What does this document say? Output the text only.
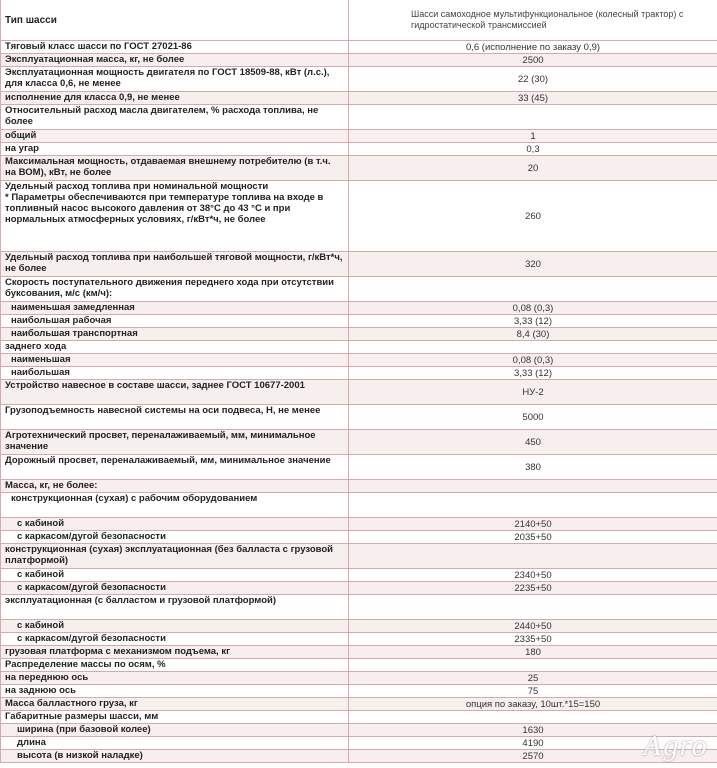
Тип шасси	Шасси самоходное мультифункциональное (колесный трактор) с гидростатической трансмиссией
Тяговый класс шасси по ГОСТ 27021-86	0,6 (исполнение по заказу 0,9)
Эксплуатационная масса, кг, не более	2500
Эксплуатационная мощность двигателя по ГОСТ 18509-88, кВт (л.с.), для класса 0,6, не менее	22 (30)
исполнение для класса 0,9, не менее	33 (45)
Относительный расход масла двигателем, % расхода топлива, не более	
общий	1
на угар	0,3
Максимальная мощность, отдаваемая внешнему потребителю (в т.ч. на ВОМ), кВт, не более	20
Удельный расход топлива при номинальной мощности
* Параметры обеспечиваются при температуре топлива на входе в топливный насос высокого давления от 38°С до 43 °С и при нормальных атмосферных условиях, г/кВт*ч, не более	260
Удельный расход топлива при наибольшей тяговой мощности, г/кВт*ч, не более	320
Скорость поступательного движения переднего хода при отсутствии буксования, м/с (км/ч):	
наименьшая замедленная	0,08 (0,3)
наибольшая рабочая	3,33 (12)
наибольшая транспортная	8,4 (30)
заднего хода	
наименьшая	0,08 (0,3)
наибольшая	3,33 (12)
Устройство навесное в составе шасси, заднее ГОСТ 10677-2001	НУ-2
Грузоподъемность навесной системы на оси подвеса, Н, не менее	5000
Агротехнический просвет, переналаживаемый, мм, минимальное значение	450
Дорожный просвет, переналаживаемый, мм, минимальное значение	380
Масса, кг, не более:	
конструкционная (сухая) с рабочим оборудованием	
с кабиной	2140+50
с каркасом/дугой безопасности	2035+50
конструкционная (сухая) эксплуатационная (без балласта с грузовой платформой)	
с кабиной	2340+50
с каркасом/дугой безопасности	2235+50
эксплуатационная (с балластом и грузовой платформой)	
с кабиной	2440+50
с каркасом/дугой безопасности	2335+50
грузовая платформа с механизмом подъема, кг	180
Распределение массы по осям, %	
на переднюю ось	25
на заднюю ось	75
Масса балластного груза, кг	опция по заказу, 10шт.*15=150
Габаритные размеры шасси, мм	
ширина (при базовой колее)	1630
длина	4190
высота (в низкой наладке)	2570	Agro
